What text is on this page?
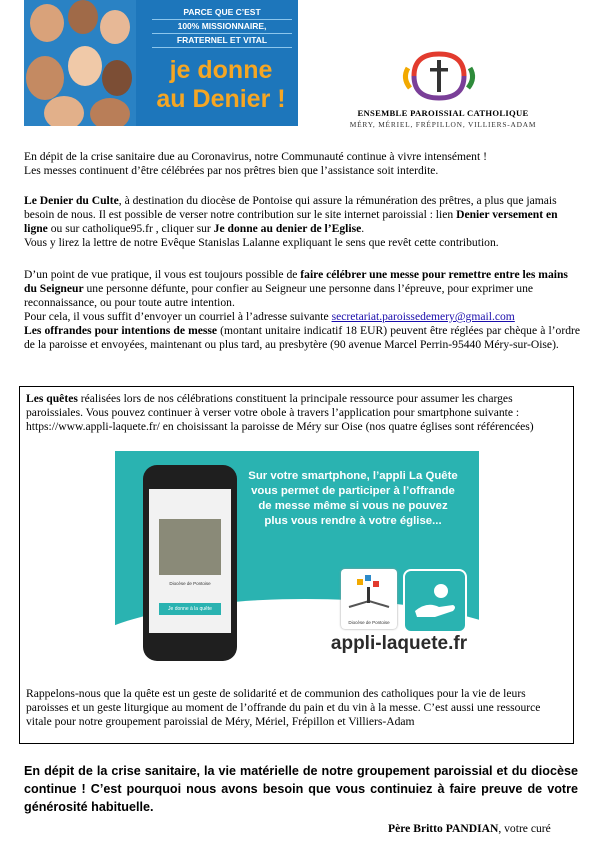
PARCE QUE C’EST
100% MISSIONNAIRE,
FRATERNEL ET VITAL
je donne
au Denier !	ENSEMBLE PAROISSIAL CATHOLIQUE
MÉRY, MÉRIEL, FRÉPILLON, VILLIERS-ADAM

En dépit de la crise sanitaire due au Coronavirus, notre Communauté continue à vivre intensément !

Les messes continuent d’être célébrées par nos prêtres bien que l’assistance soit interdite.

Le Denier du Culte, à destination du diocèse de Pontoise qui assure la rémunération des prêtres, a plus que jamais besoin de nous. Il est possible de verser notre contribution sur le site internet paroissial : lien Denier versement en ligne ou sur catholique95.fr , cliquer sur Je donne au denier de l’Eglise.

Vous y lirez la lettre de notre Evêque Stanislas Lalanne expliquant le sens que revêt cette contribution.

D’un point de vue pratique, il vous est toujours possible de faire célébrer une messe pour remettre entre les mains du Seigneur une personne défunte, pour confier au Seigneur une personne dans l’épreuve, pour exprimer une reconnaissance, ou pour toute autre intention.

Pour cela, il vous suffit d’envoyer un courriel à l’adresse suivante secretariat.paroissedemery@gmail.com

Les offrandes pour intentions de messe (montant unitaire indicatif 18 EUR) peuvent être réglées par chèque à l’ordre de la paroisse et envoyées, maintenant ou plus tard, au presbytère (90 avenue Marcel Perrin-95440 Méry-sur-Oise).

Les quêtes réalisées lors de nos célébrations constituent la principale ressource pour assumer les charges paroissiales. Vous pouvez continuer à verser votre obole à travers l’application pour smartphone suivante : https://www.appli-laquete.fr/ en choisissant la paroisse de Méry sur Oise (nos quatre églises sont référencées)

Diocèse de Pontoise
Je donne à la quête
Sur votre smartphone, l’appli La Quête
vous permet de participer à l’offrande
de messe même si vous ne pouvez
plus vous rendre à votre église...
Diocèse de Pontoise
appli-laquete.fr

Rappelons-nous que la quête est un geste de solidarité et de communion des catholiques pour la vie de leurs paroisses et un geste liturgique au moment de l’offrande du pain et du vin à la messe. C’est aussi une ressource vitale pour notre groupement paroissial de Méry, Mériel, Frépillon et Villiers-Adam

En dépit de la crise sanitaire, la vie matérielle de notre groupement paroissial et du diocèse continue ! C’est pourquoi nous avons besoin que vous continuiez à faire preuve de votre générosité habituelle.

Père Britto PANDIAN, votre curé
